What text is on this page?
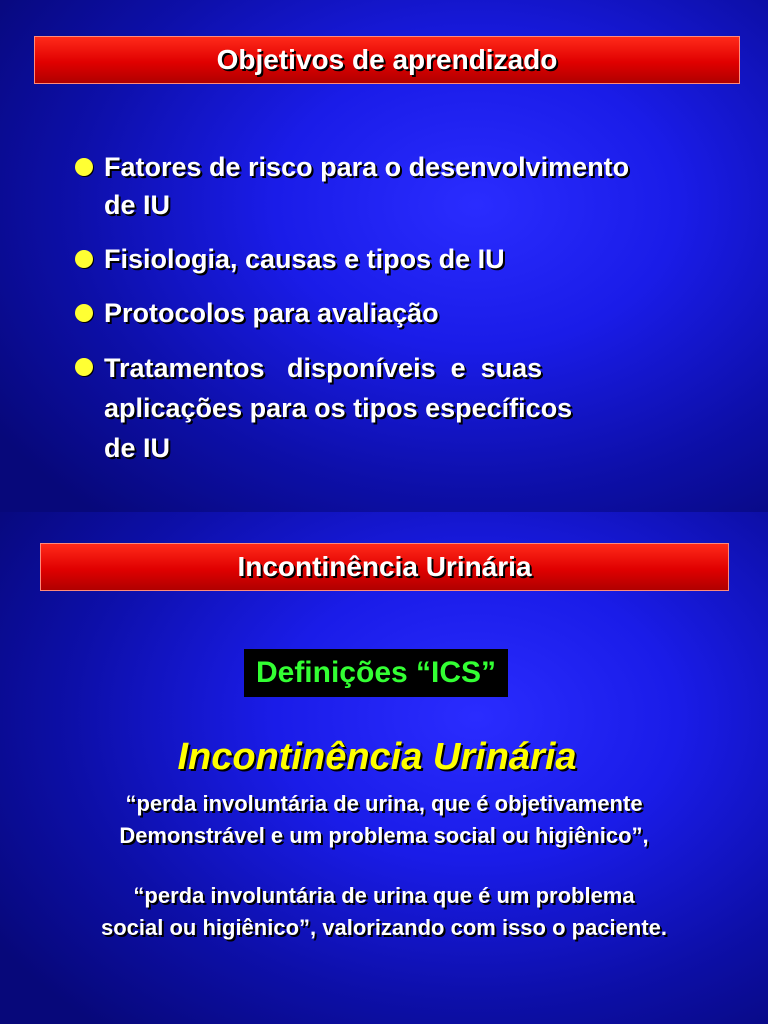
Objetivos de aprendizado
Fatores de risco para o desenvolvimento
de IU
Fisiologia, causas e tipos de IU
Protocolos para avaliação
Tratamentos   disponíveis  e  suas
aplicações para os tipos específicos
de IU
Incontinência Urinária
Definições “ICS”
Incontinência Urinária
“perda involuntária de urina, que é objetivamente
Demonstrável e um problema social ou higiênico”,
“perda involuntária de urina que é um problema
social ou higiênico”, valorizando com isso o paciente.
